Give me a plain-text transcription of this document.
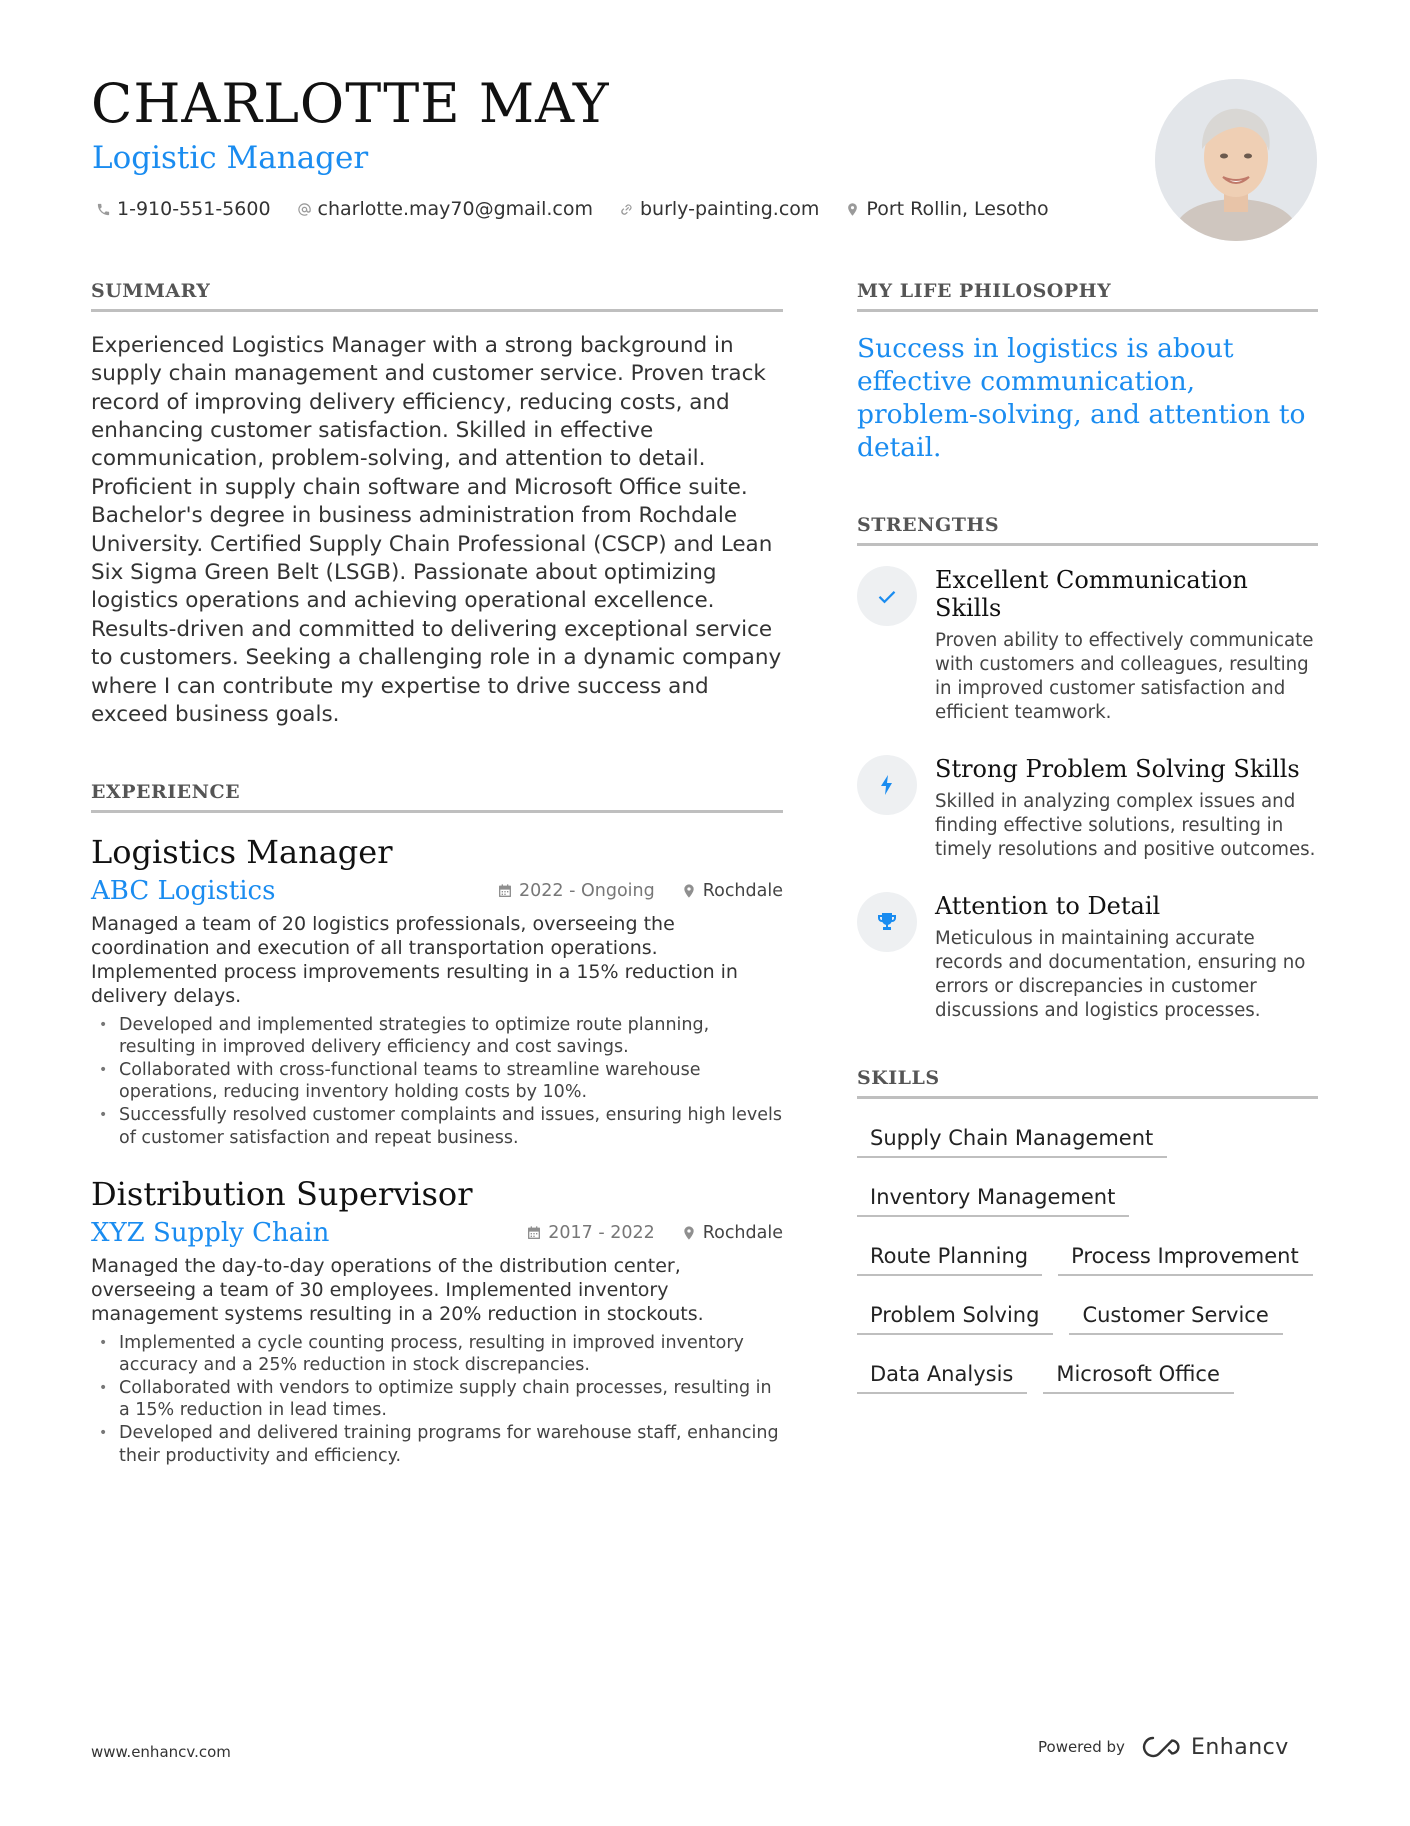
CHARLOTTE MAY
Logistic Manager
1-910-551-5600 charlotte.may70@gmail.com burly-painting.com Port Rollin, Lesotho
SUMMARY

Experienced Logistics Manager with a strong background in supply chain management and customer service. Proven track record of improving delivery efficiency, reducing costs, and enhancing customer satisfaction. Skilled in effective communication, problem-solving, and attention to detail. Proficient in supply chain software and Microsoft Office suite. Bachelor's degree in business administration from Rochdale University. Certified Supply Chain Professional (CSCP) and Lean Six Sigma Green Belt (LSGB). Passionate about optimizing logistics operations and achieving operational excellence. Results-driven and committed to delivering exceptional service to customers. Seeking a challenging role in a dynamic company where I can contribute my expertise to drive success and exceed business goals.

EXPERIENCE
Logistics Manager
ABC Logistics	2022 - Ongoing	Rochdale

Managed a team of 20 logistics professionals, overseeing the coordination and execution of all transportation operations. Implemented process improvements resulting in a 15% reduction in delivery delays.

• Developed and implemented strategies to optimize route planning, resulting in improved delivery efficiency and cost savings.
• Collaborated with cross-functional teams to streamline warehouse operations, reducing inventory holding costs by 10%.
• Successfully resolved customer complaints and issues, ensuring high levels of customer satisfaction and repeat business.
Distribution Supervisor
XYZ Supply Chain	2017 - 2022	Rochdale

Managed the day-to-day operations of the distribution center, overseeing a team of 30 employees. Implemented inventory management systems resulting in a 20% reduction in stockouts.

• Implemented a cycle counting process, resulting in improved inventory accuracy and a 25% reduction in stock discrepancies.
• Collaborated with vendors to optimize supply chain processes, resulting in a 15% reduction in lead times.
• Developed and delivered training programs for warehouse staff, enhancing their productivity and efficiency.
MY LIFE PHILOSOPHY

Success in logistics is about effective communication, problem-solving, and attention to detail.

STRENGTHS
Excellent Communication Skills

Proven ability to effectively communicate with customers and colleagues, resulting in improved customer satisfaction and efficient teamwork.

Strong Problem Solving Skills

Skilled in analyzing complex issues and finding effective solutions, resulting in timely resolutions and positive outcomes.

Attention to Detail

Meticulous in maintaining accurate records and documentation, ensuring no errors or discrepancies in customer discussions and logistics processes.

SKILLS
Supply Chain Management
Inventory Management
Route Planning	Process Improvement
Problem Solving	Customer Service
Data Analysis	Microsoft Office
www.enhancv.com	Powered by	Enhancv
